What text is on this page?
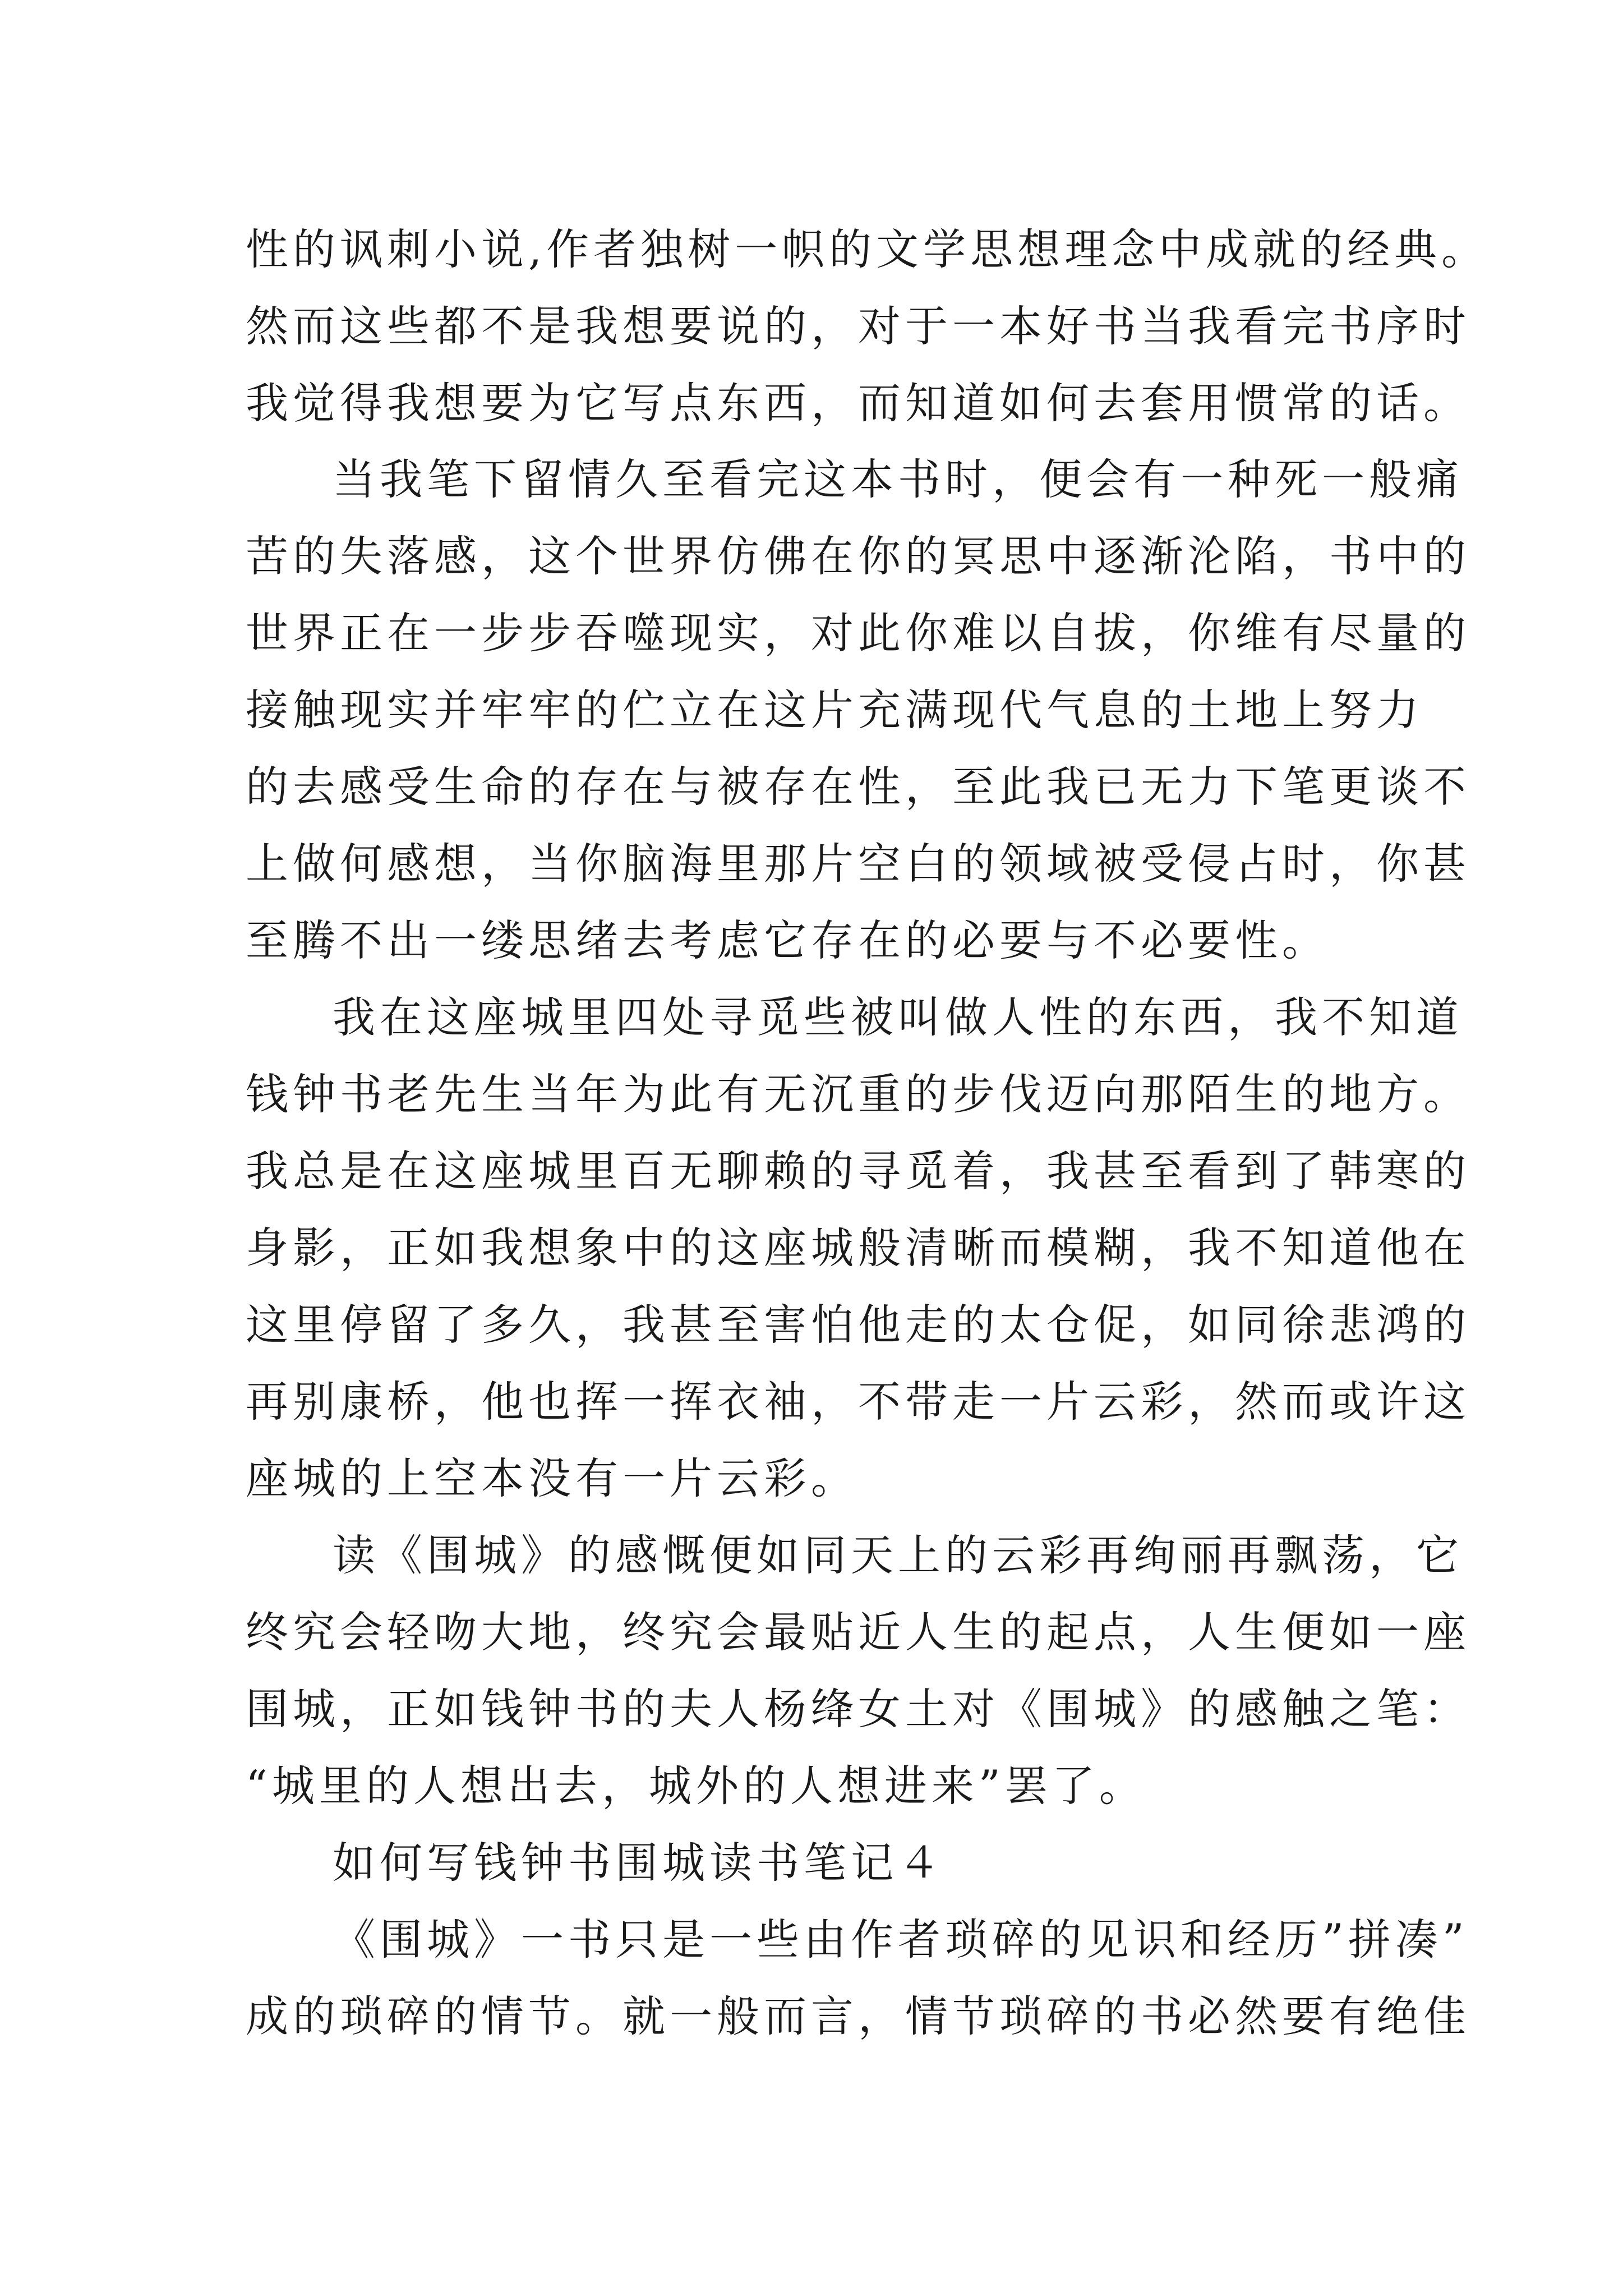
性的讽刺小说,作者独树一帜的文学思想理念中成就的经典。
然而这些都不是我想要说的，对于一本好书当我看完书序时
我觉得我想要为它写点东西，而知道如何去套用惯常的话。
当我笔下留情久至看完这本书时，便会有一种死一般痛
苦的失落感，这个世界仿佛在你的冥思中逐渐沦陷，书中的
世界正在一步步吞噬现实，对此你难以自拔，你维有尽量的
接触现实并牢牢的伫立在这片充满现代气息的土地上努力
的去感受生命的存在与被存在性，至此我已无力下笔更谈不
上做何感想，当你脑海里那片空白的领域被受侵占时，你甚
至腾不出一缕思绪去考虑它存在的必要与不必要性。
我在这座城里四处寻觅些被叫做人性的东西，我不知道
钱钟书老先生当年为此有无沉重的步伐迈向那陌生的地方。
我总是在这座城里百无聊赖的寻觅着，我甚至看到了韩寒的
身影，正如我想象中的这座城般清晰而模糊，我不知道他在
这里停留了多久，我甚至害怕他走的太仓促，如同徐悲鸿的
再别康桥，他也挥一挥衣袖，不带走一片云彩，然而或许这
座城的上空本没有一片云彩。
读《围城》的感慨便如同天上的云彩再绚丽再飘荡，它
终究会轻吻大地，终究会最贴近人生的起点，人生便如一座
围城，正如钱钟书的夫人杨绛女土对《围城》的感触之笔：
“城里的人想出去，城外的人想进来”罢了。
如何写钱钟书围城读书笔记４
《围城》一书只是一些由作者琐碎的见识和经历”拼凑”
成的琐碎的情节。就一般而言，情节琐碎的书必然要有绝佳
